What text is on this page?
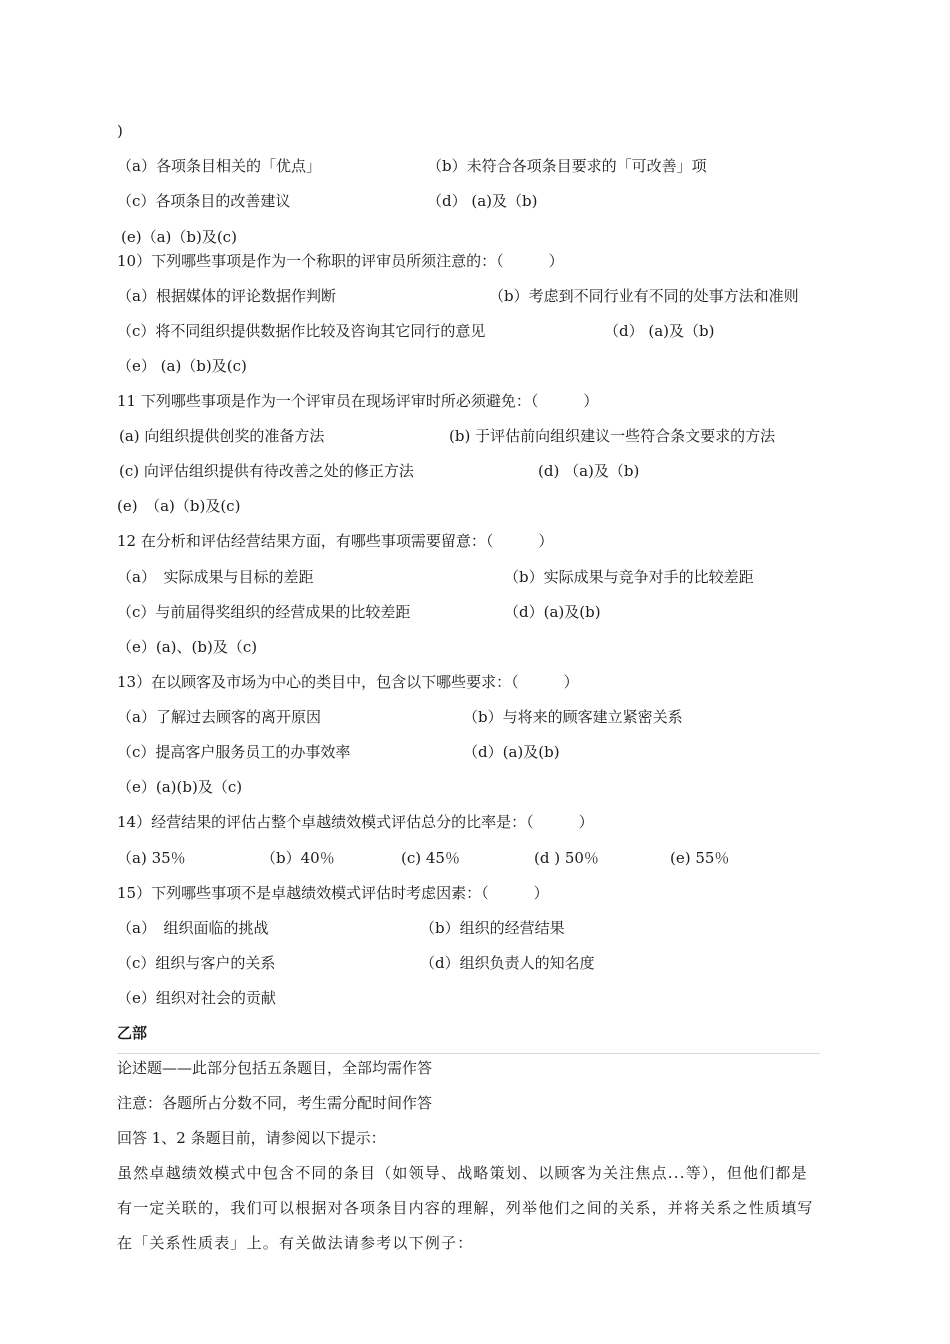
)
（a）各项条目相关的「优点」	（b）未符合各项条目要求的「可改善」项
（c）各项条目的改善建议	（d） (a)及（b)
(e)（a)（b)及(c)
10）下列哪些事项是作为一个称职的评审员所须注意的：（　　　）
（a）根据媒体的评论数据作判断	（b）考虑到不同行业有不同的处事方法和准则
（c）将不同组织提供数据作比较及咨询其它同行的意见	（d） (a)及（b)
（e） (a)（b)及(c)
11 下列哪些事项是作为一个评审员在现场评审时所必须避免：（　　　）
(a) 向组织提供创奖的准备方法	(b) 于评估前向组织建议一些符合条文要求的方法
(c) 向评估组织提供有待改善之处的修正方法	(d) （a)及（b)
(e)　（a)（b)及(c)
12 在分析和评估经营结果方面，有哪些事项需要留意：（　　　）
（a）　实际成果与目标的差距	（b）实际成果与竞争对手的比较差距
（c）与前届得奖组织的经营成果的比较差距	（d）(a)及(b)
（e）(a)、(b)及（c)
13）在以顾客及市场为中心的类目中，包含以下哪些要求：（　　　）
（a）了解过去顾客的离开原因	（b）与将来的顾客建立紧密关系
（c）提高客户服务员工的办事效率	（d）(a)及(b)
（e）(a)(b)及（c)
14）经营结果的评估占整个卓越绩效模式评估总分的比率是：（　　　）
（a) 35％	（b）40％	(c) 45％	(d ) 50％	(e) 55％
15）下列哪些事项不是卓越绩效模式评估时考虑因素：（　　　）
（a）　组织面临的挑战	（b）组织的经营结果
（c）组织与客户的关系	（d）组织负责人的知名度
（e）组织对社会的贡献
乙部
论述题——此部分包括五条题目，全部均需作答
注意：各题所占分数不同，考生需分配时间作答
回答 1、2 条题目前，请参阅以下提示：
虽然卓越绩效模式中包含不同的条目（如领导、战略策划、以顾客为关注焦点...等），但他们都是
有一定关联的，我们可以根据对各项条目内容的理解，列举他们之间的关系，并将关系之性质填写
在「关系性质表」上。有关做法请参考以下例子：
